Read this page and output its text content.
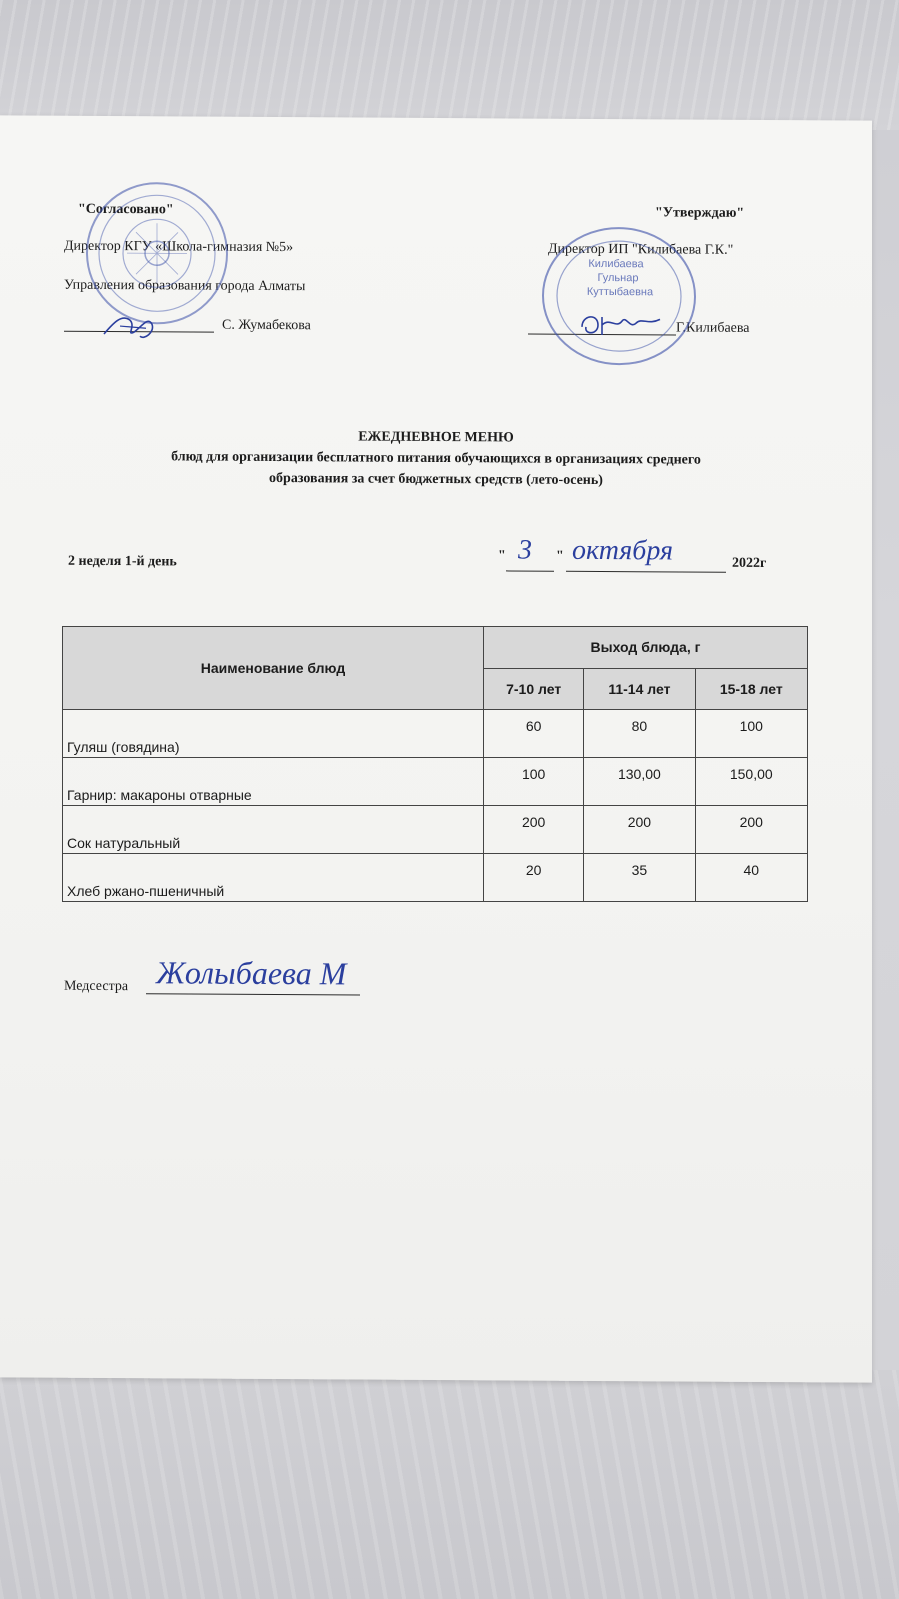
"Согласовано"
Директор КГУ «Школа-гимназия №5»
Управления образования города Алматы
С. Жумабекова
"Утверждаю"
Директор ИП "Килибаева Г.К."
Г.Килибаева
Килибаева
Гульнар
Куттыбаевна
ЕЖЕДНЕВНОЕ МЕНЮ
блюд для организации бесплатного питания обучающихся в организациях среднего
образования за счет бюджетных средств (лето-осень)
2 неделя 1-й день	" 3 " октября	2022г
Медсестра Жолыбаева М
Наименование блюд	Выход блюда, г		
	7-10 лет	11-14 лет	15-18 лет
Гуляш (говядина)	60	80	100
Гарнир: макароны отварные	100	130,00	150,00
Сок натуральный	200	200	200
Хлеб ржано-пшеничный	20	35	40
